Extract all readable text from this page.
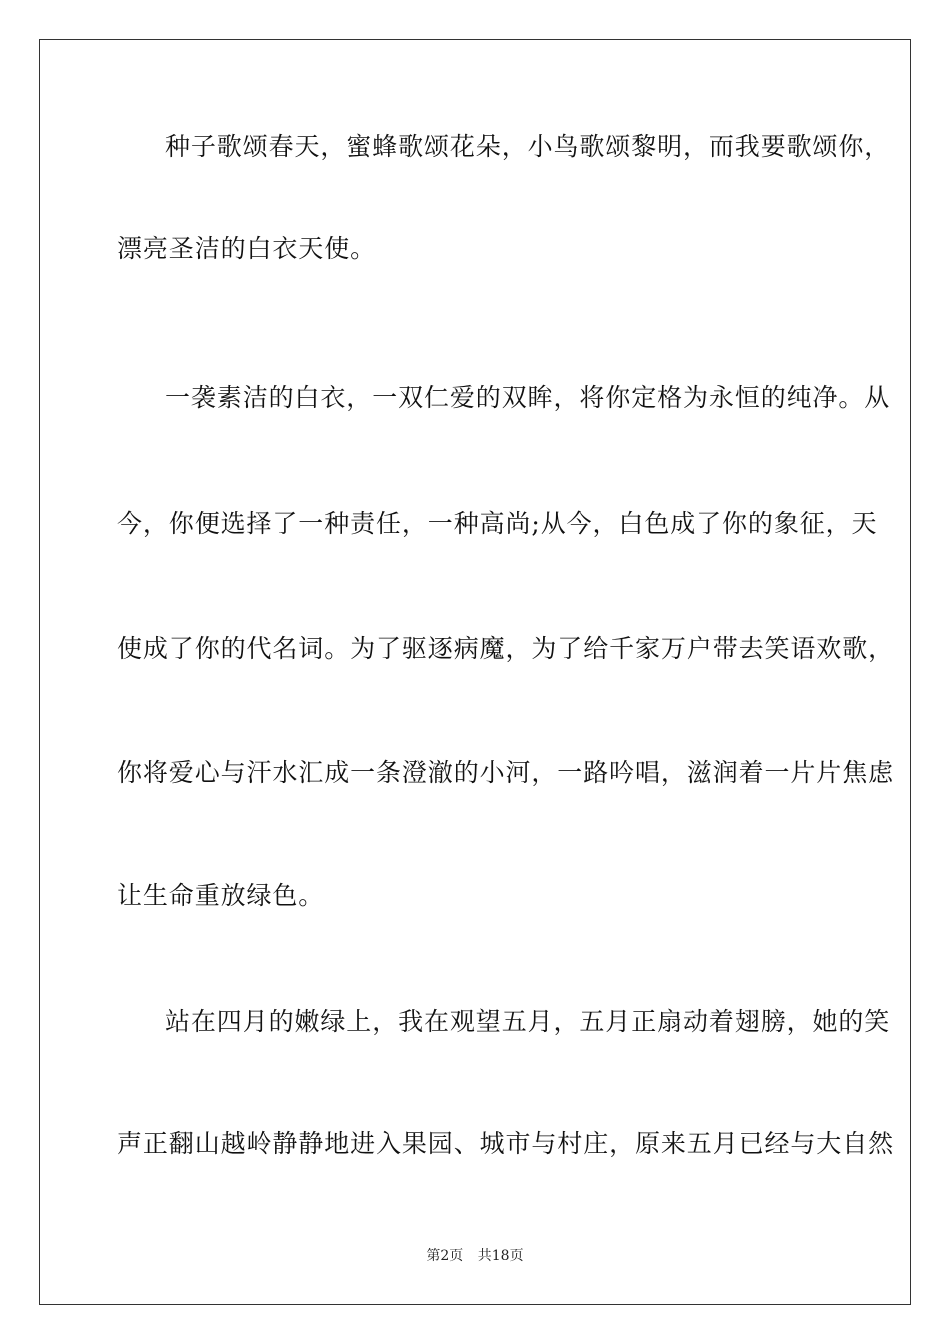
种子歌颂春天，蜜蜂歌颂花朵，小鸟歌颂黎明，而我要歌颂你，
漂亮圣洁的白衣天使。
一袭素洁的白衣，一双仁爱的双眸，将你定格为永恒的纯净。从
今，你便选择了一种责任，一种高尚;从今，白色成了你的象征，天
使成了你的代名词。为了驱逐病魔，为了给千家万户带去笑语欢歌，
你将爱心与汗水汇成一条澄澈的小河，一路吟唱，滋润着一片片焦虑
让生命重放绿色。
站在四月的嫩绿上，我在观望五月，五月正扇动着翅膀，她的笑
声正翻山越岭静静地进入果园、城市与村庄，原来五月已经与大自然
第2页 共18页
